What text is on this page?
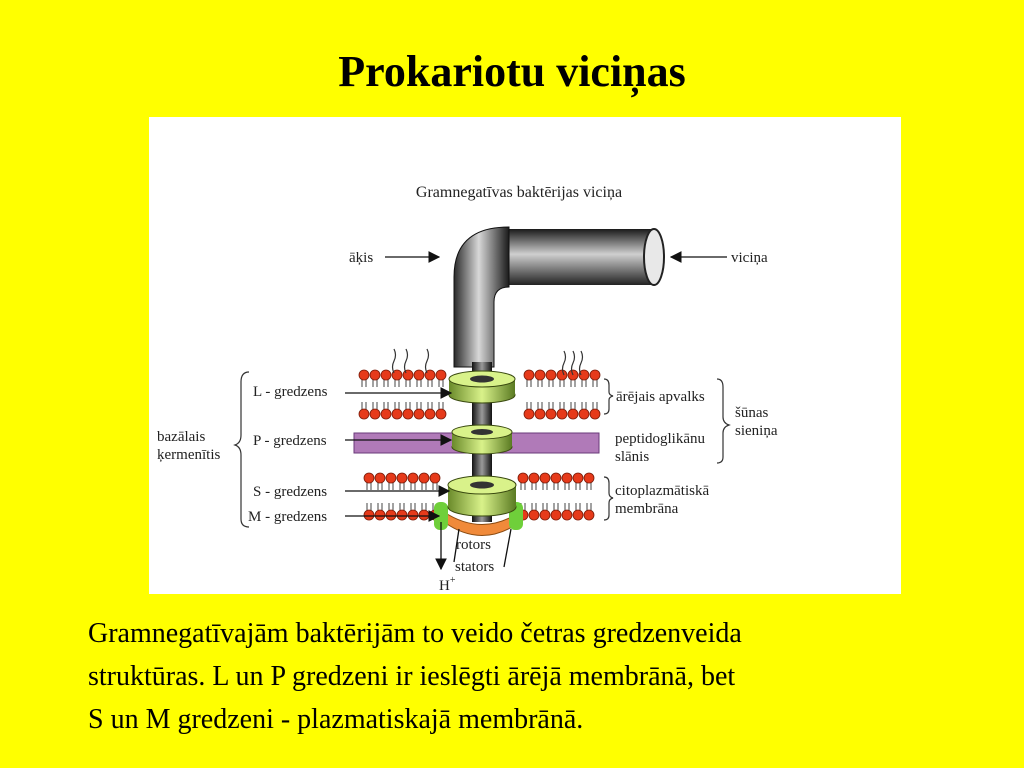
Prokariotu viciņas
Gramnegatīvas baktērijas viciņa
āķis	viciņa
L - gredzens
P - gredzens
S - gredzens
M - gredzens
bazālais
ķermenītis
ārējais apvalks
peptidoglikānu
slānis
šūnas
sieniņa
citoplazmātiskā
membrāna
rotors
stators
H+
Gramnegatīvajām baktērijām to veido četras gredzenveida
struktūras. L un P gredzeni ir ieslēgti ārējā membrānā, bet
S un M gredzeni - plazmatiskajā membrānā.
